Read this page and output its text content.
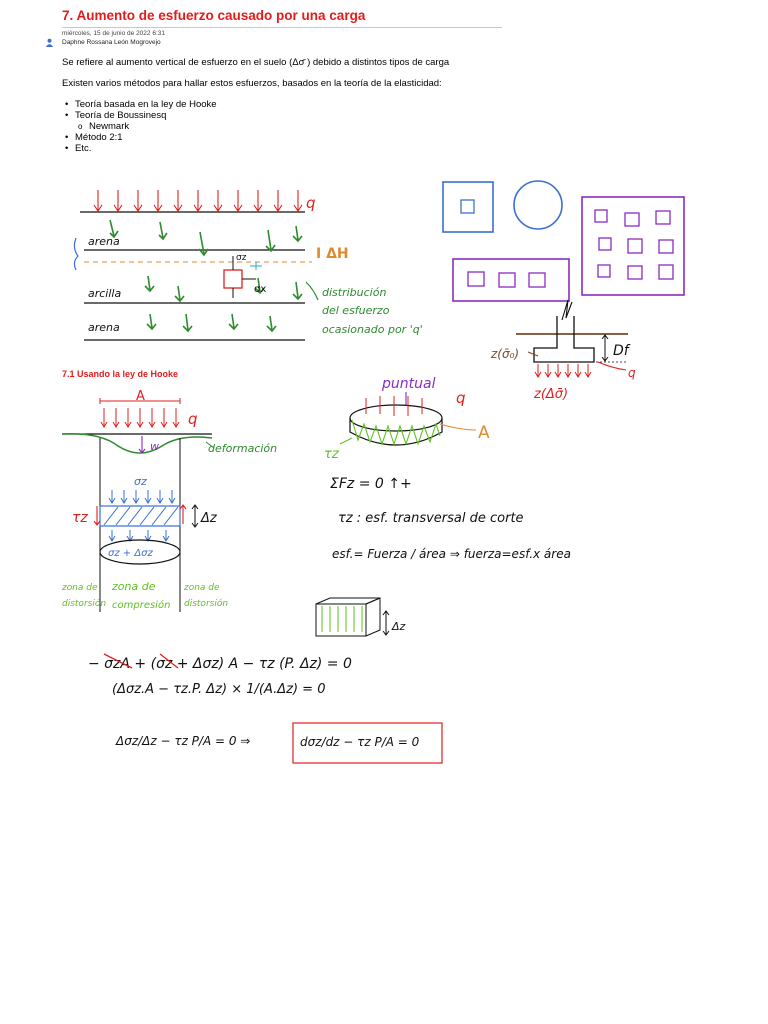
7. Aumento de esfuerzo causado por una carga
miércoles, 15 de junio de 2022 6:31
Daphne Rossana León Mogrovejo
Se refiere al aumento vertical de esfuerzo en el suelo (Δσ̄ ) debido a distintos tipos de carga
Existen varios métodos para hallar estos esfuerzos, basados en la teoría de la elasticidad:
• Teoría basada en la ley de Hooke
• Teoría de Boussinesq
o Newmark
• Método 2:1
• Etc.
7.1 Usando la ley de Hooke
q
arena
arcilla
arena
σz
σx
I ΔH
distribución
del esfuerzo
ocasionado por 'q'
Df
q
z(σ̄₀)
z(Δσ̄)
A
q
w	deformación
σz
τz	Δz
σz + Δσz
zona de
distorsión
zona de
compresión
zona de
distorsión
puntual
q
A
τz
ΣFz = 0 ↑+
τz : esf. transversal de corte
esf.= Fuerza / área ⇒ fuerza=esf.x área
Δz
− σzA + (σz + Δσz) A − τz (P. Δz) = 0
(Δσz.A − τz.P. Δz) × 1/(A.Δz) = 0
Δσz/Δz − τz P/A = 0 ⇒	dσz/dz − τz P/A = 0
